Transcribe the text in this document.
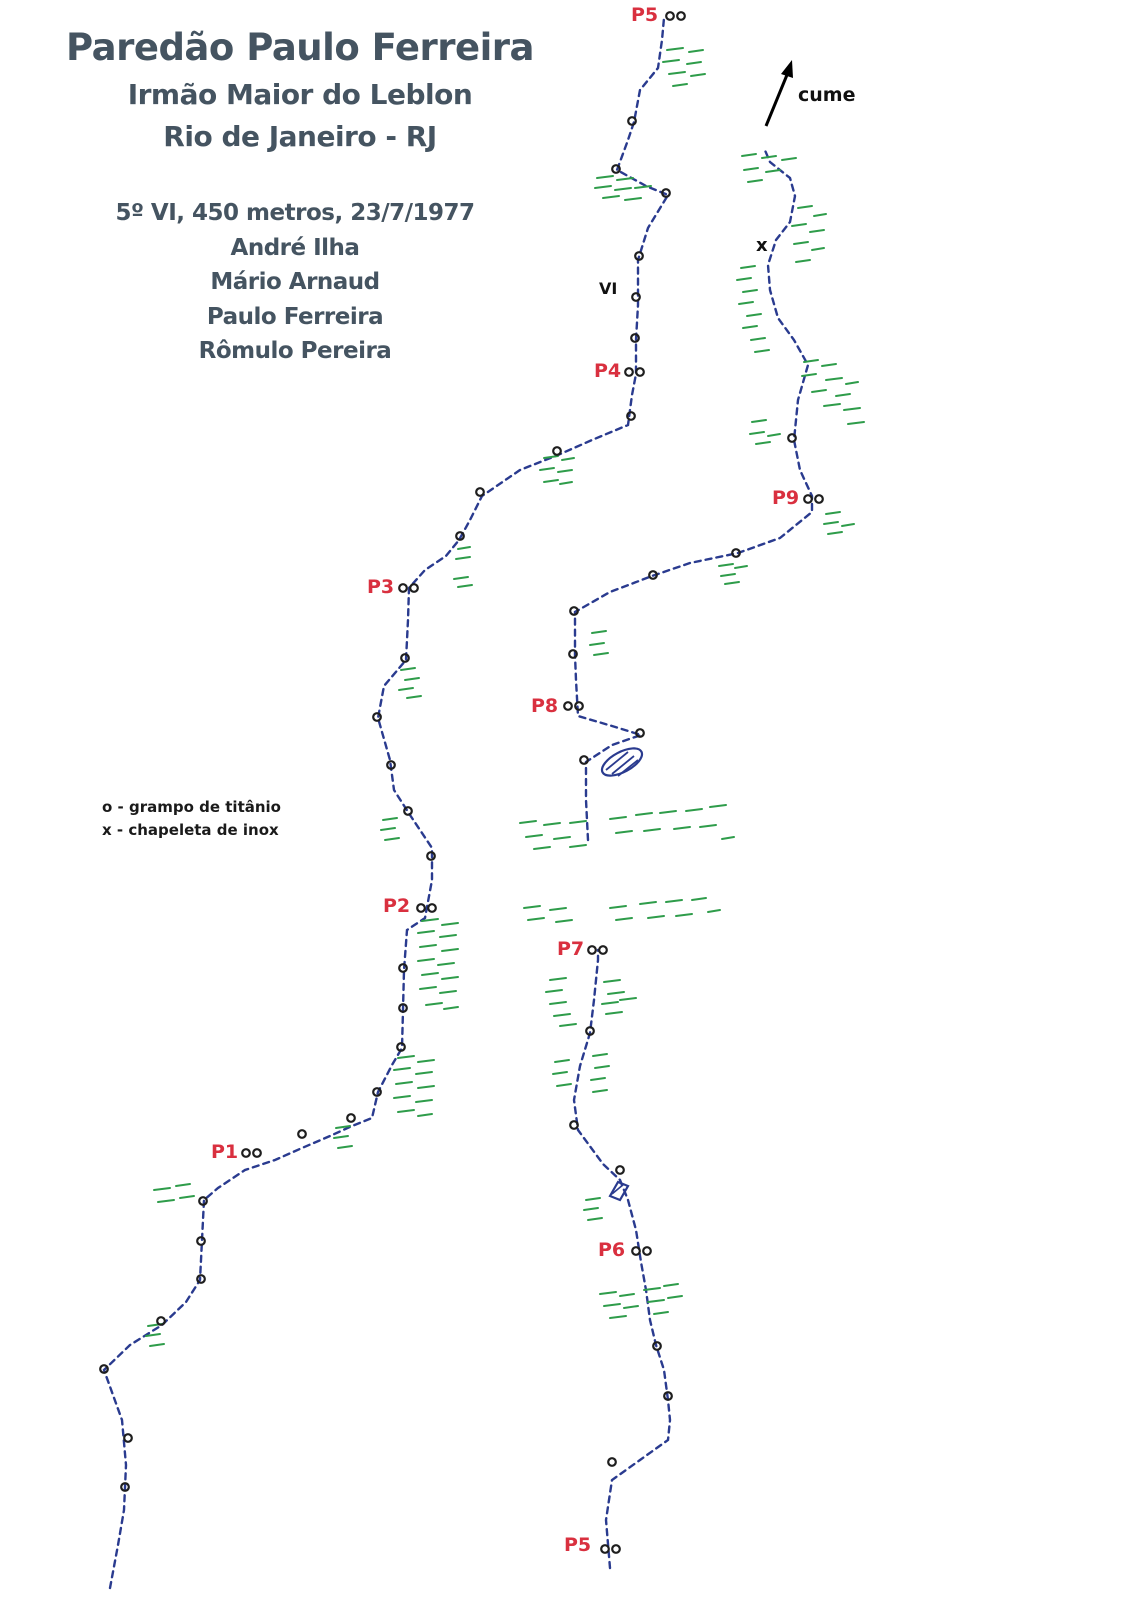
P5
P4
P3
P2
P1
P9
P8
P7
P6
P5
VI
cume
x
Paredão Paulo Ferreira
Irmão Maior do Leblon
Rio de Janeiro - RJ
5º VI, 450 metros, 23/7/1977
André Ilha
Mário Arnaud
Paulo Ferreira
Rômulo Pereira
o - grampo de titânio
x - chapeleta de inox
